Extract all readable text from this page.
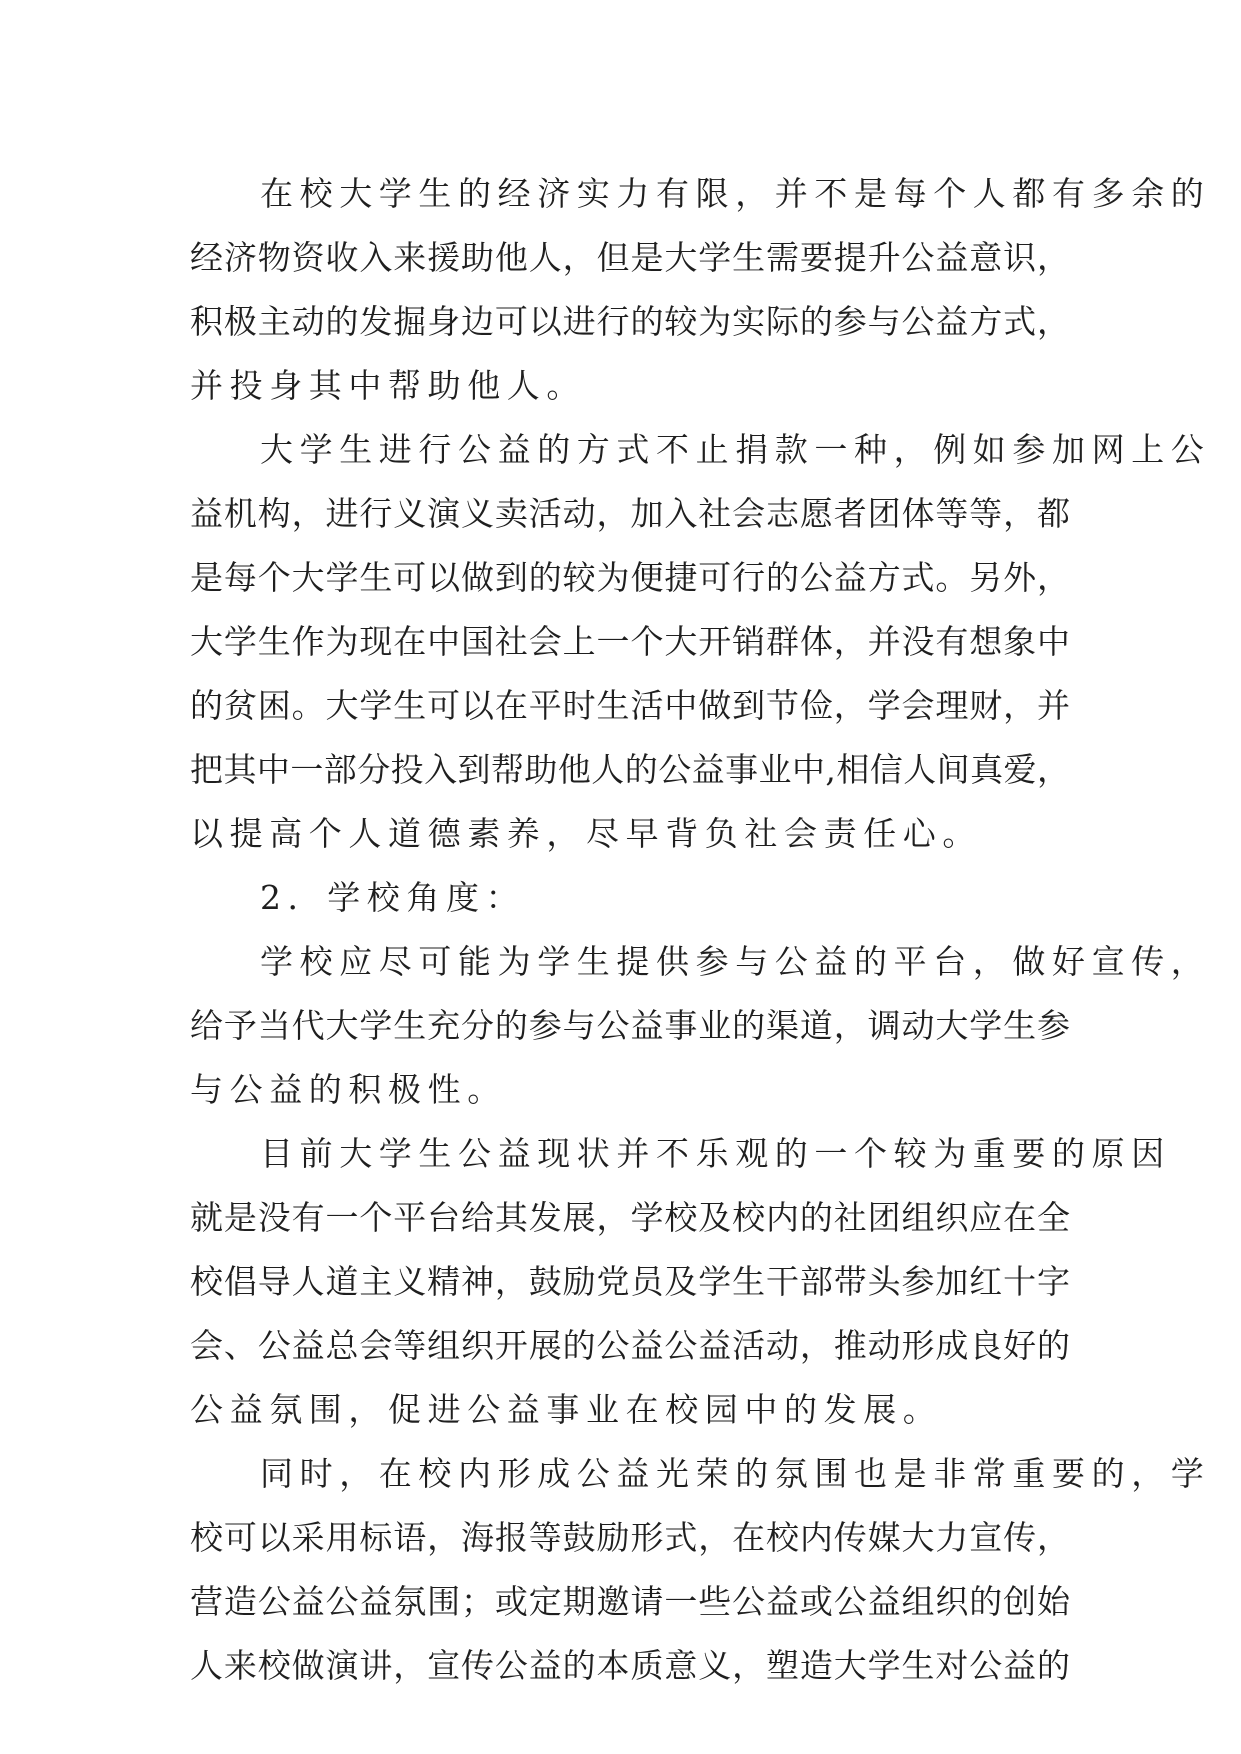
在校大学生的经济实力有限，并不是每个人都有多余的
经济物资收入来援助他人，但是大学生需要提升公益意识，
积极主动的发掘身边可以进行的较为实际的参与公益方式，
并投身其中帮助他人。
大学生进行公益的方式不止捐款一种，例如参加网上公
益机构，进行义演义卖活动，加入社会志愿者团体等等，都
是每个大学生可以做到的较为便捷可行的公益方式。另外，
大学生作为现在中国社会上一个大开销群体，并没有想象中
的贫困。大学生可以在平时生活中做到节俭，学会理财，并
把其中一部分投入到帮助他人的公益事业中,相信人间真爱，
以提高个人道德素养，尽早背负社会责任心。
2．学校角度：
学校应尽可能为学生提供参与公益的平台，做好宣传，
给予当代大学生充分的参与公益事业的渠道，调动大学生参
与公益的积极性。
目前大学生公益现状并不乐观的一个较为重要的原因
就是没有一个平台给其发展，学校及校内的社团组织应在全
校倡导人道主义精神，鼓励党员及学生干部带头参加红十字
会、公益总会等组织开展的公益公益活动，推动形成良好的
公益氛围，促进公益事业在校园中的发展。
同时，在校内形成公益光荣的氛围也是非常重要的，学
校可以采用标语，海报等鼓励形式，在校内传媒大力宣传，
营造公益公益氛围；或定期邀请一些公益或公益组织的创始
人来校做演讲，宣传公益的本质意义，塑造大学生对公益的
